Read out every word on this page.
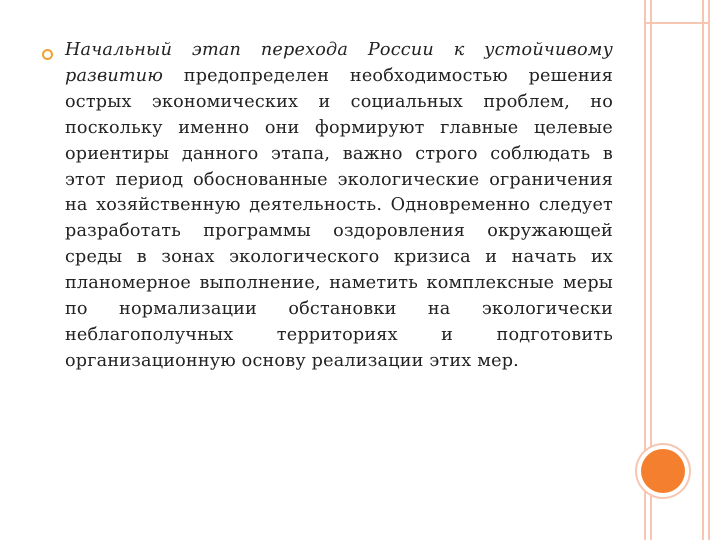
Начальный этап перехода России к устойчивому развитию предопределен необходимостью решения острых экономических и социальных проблем, но поскольку именно они формируют главные целевые ориентиры данного этапа, важно строго соблюдать в этот период обоснованные экологические ограничения на хозяйственную деятельность. Одновременно следует разработать программы оздоровления окружающей среды в зонах экологического кризиса и начать их планомерное выполнение, наметить комплексные меры по нормализации обстановки на экологически неблагополучных территориях и подготовить организационную основу реализации этих мер.
